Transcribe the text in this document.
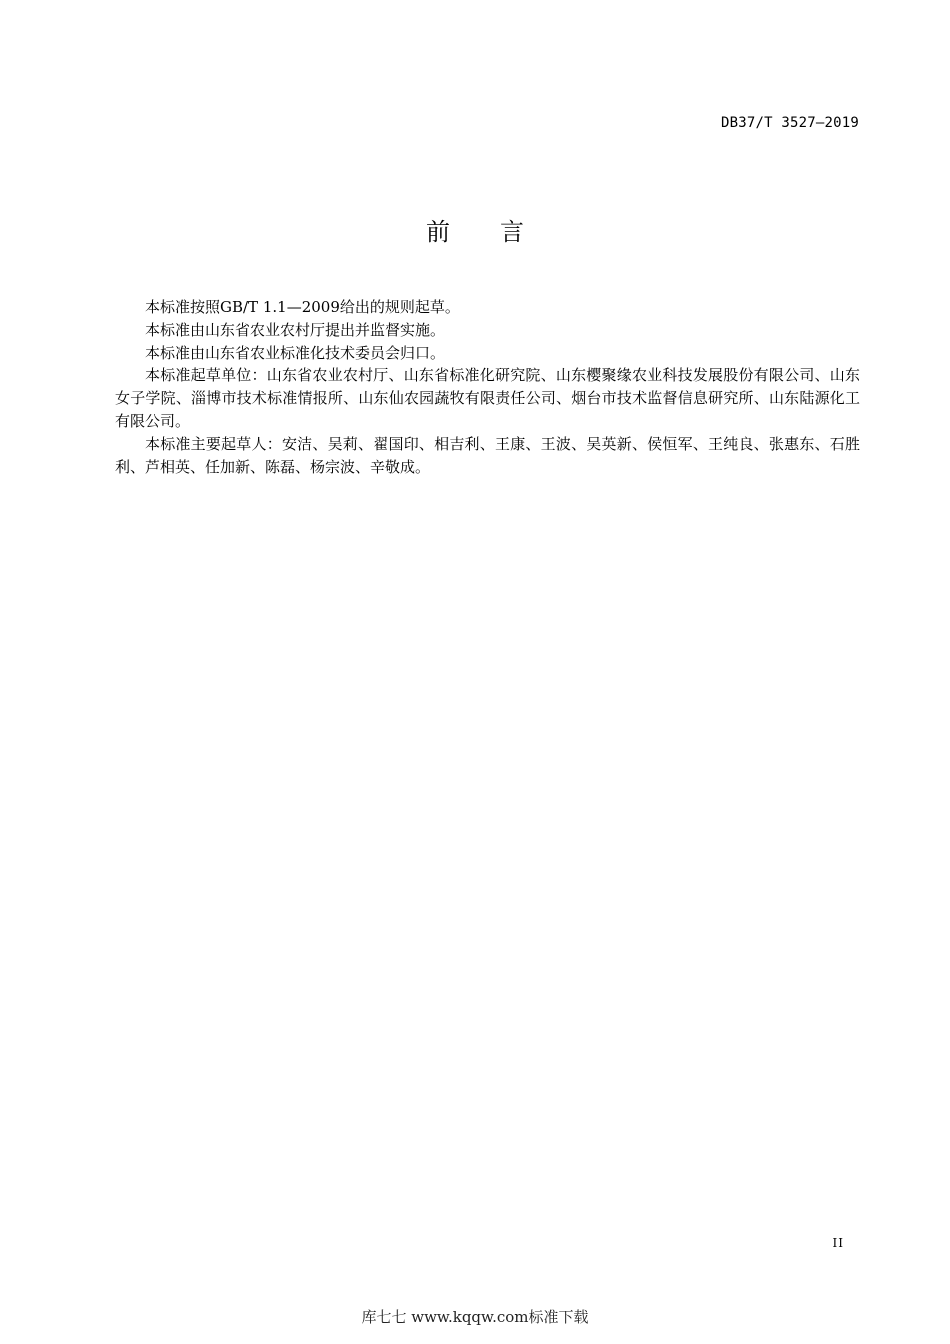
DB37/T 3527—2019
前 言

本标准按照GB/T 1.1—2009给出的规则起草。

本标准由山东省农业农村厅提出并监督实施。

本标准由山东省农业标准化技术委员会归口。

本标准起草单位：山东省农业农村厅、山东省标准化研究院、山东樱聚缘农业科技发展股份有限公司、山东女子学院、淄博市技术标准情报所、山东仙农园蔬牧有限责任公司、烟台市技术监督信息研究所、山东陆源化工有限公司。

本标准主要起草人：安洁、吴莉、翟国印、相吉利、王康、王波、吴英新、侯恒军、王纯良、张惠东、石胜利、芦相英、任加新、陈磊、杨宗波、辛敬成。

II
库七七 www.kqqw.com标准下载
